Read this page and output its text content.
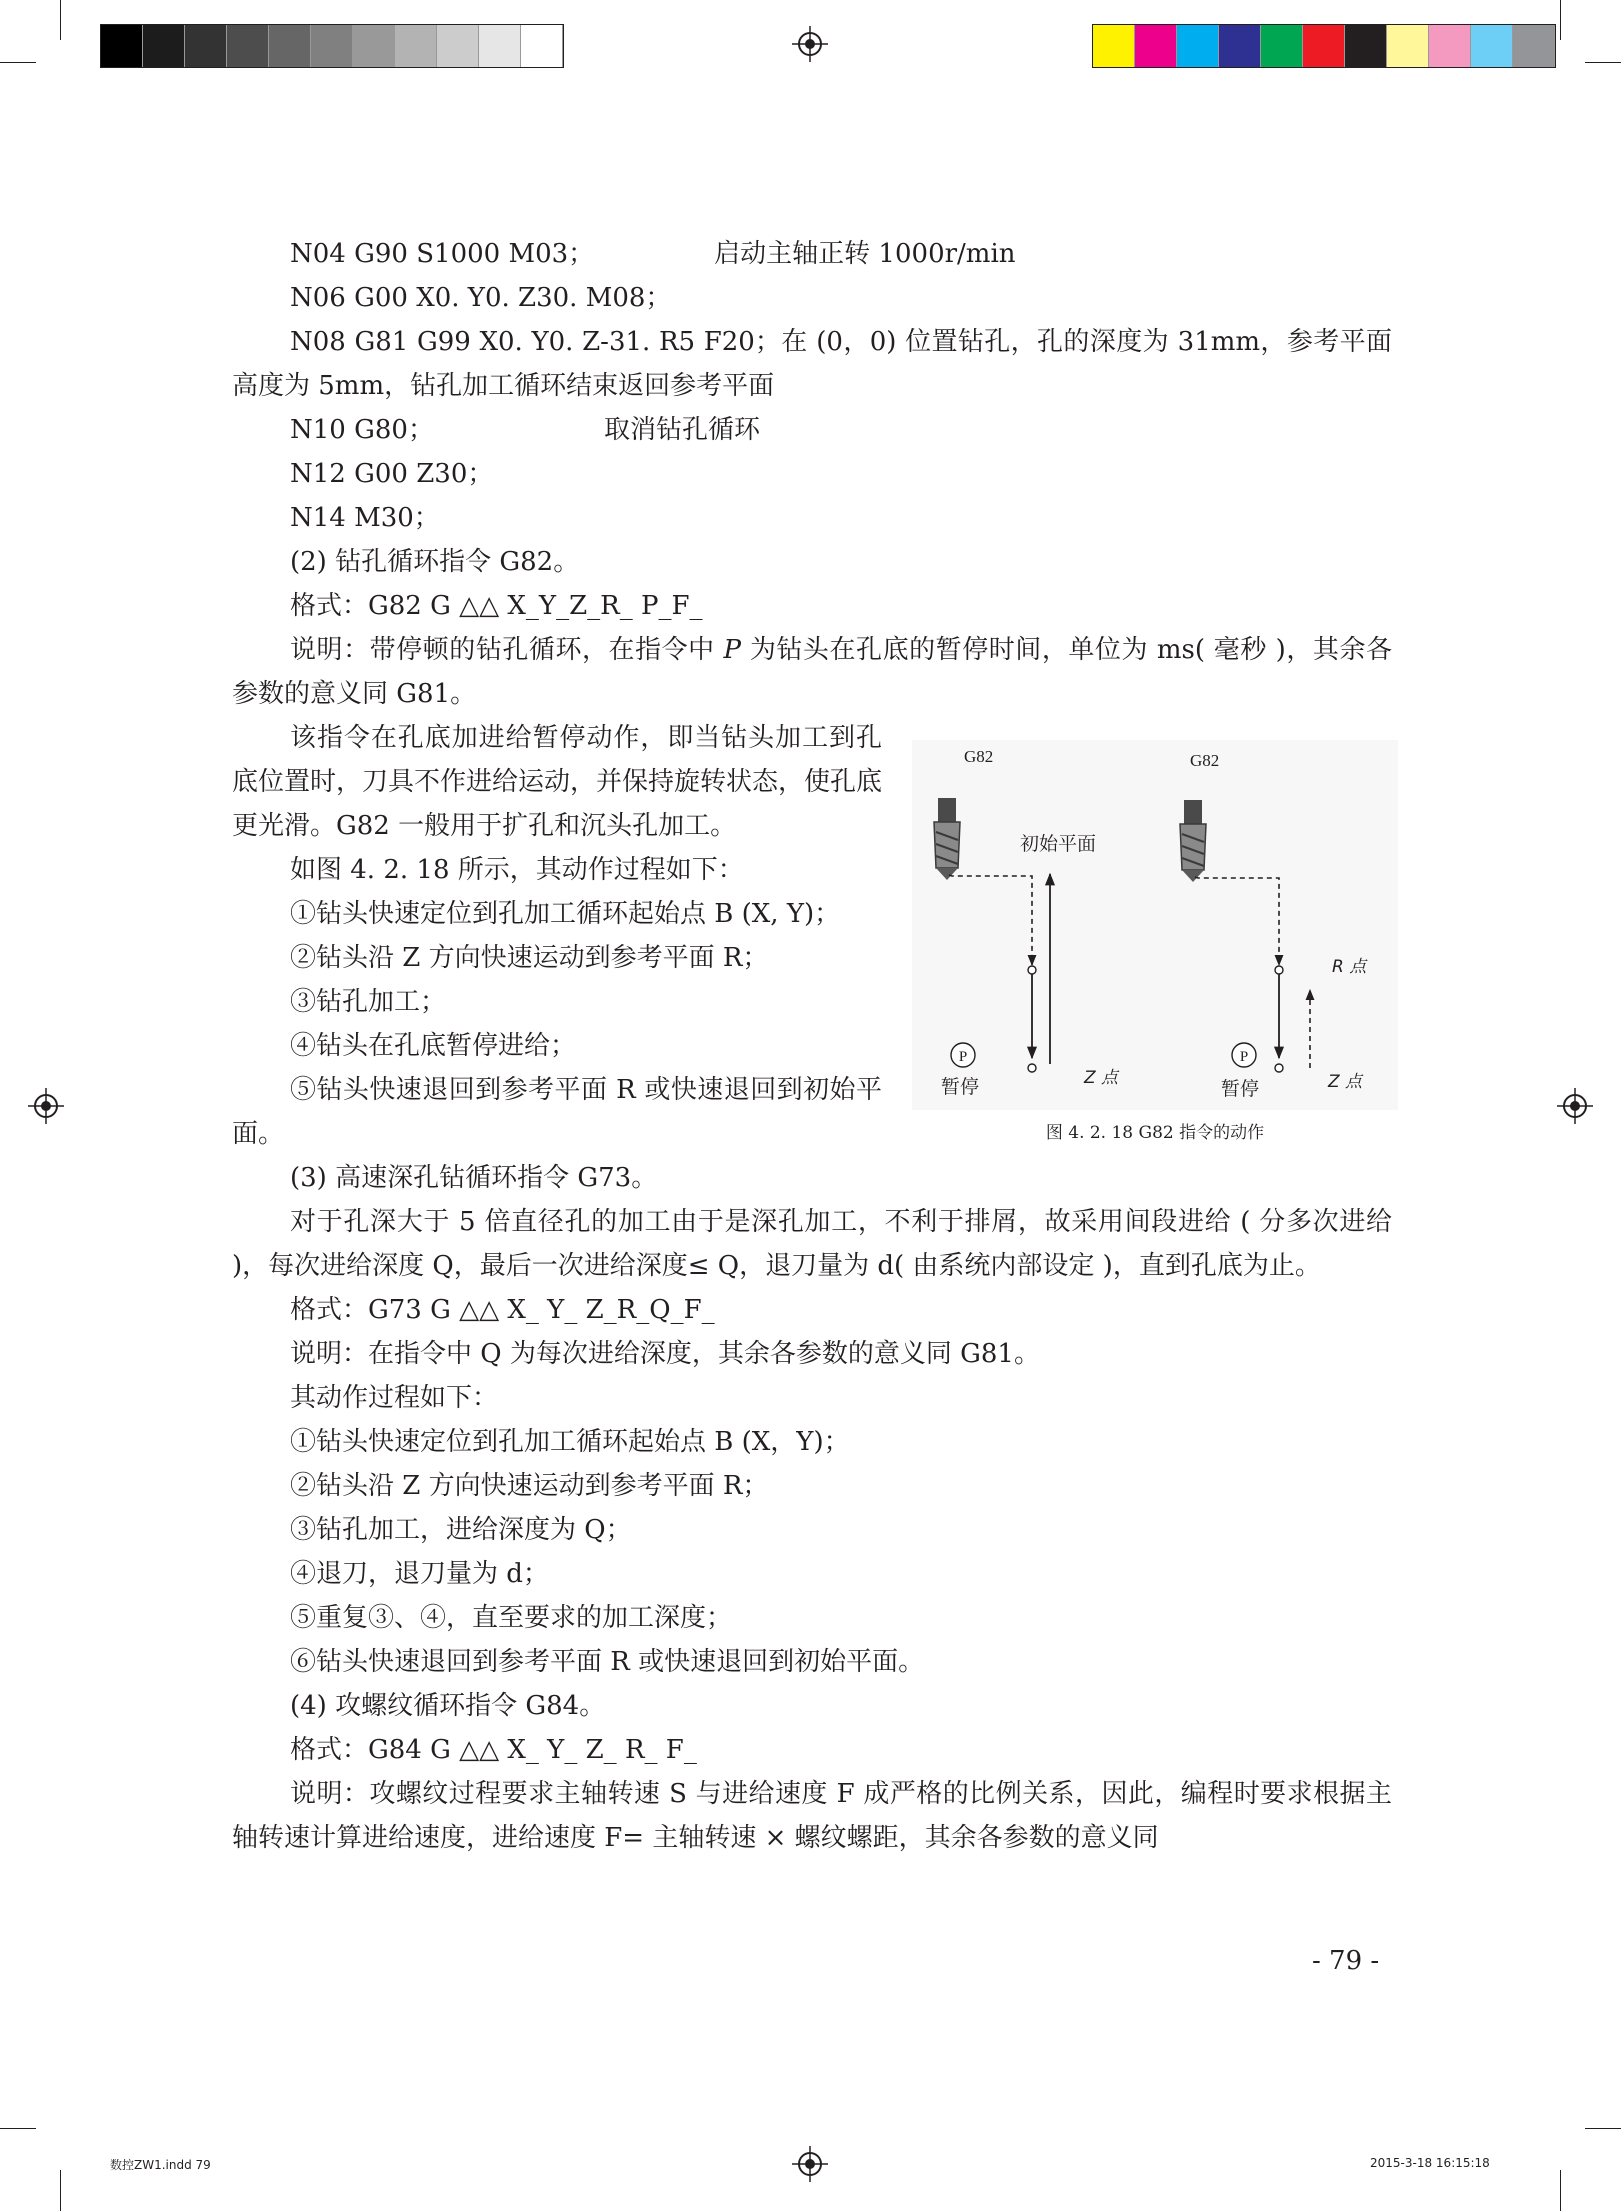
数控ZW1.indd 79	2015-3-18 16:15:18
N04 G90 S1000 M03；	启动主轴正转 1000r/min
N06 G00 X0. Y0. Z30. M08；
N08 G81 G99 X0. Y0. Z-31. R5 F20；在 (0，0) 位置钻孔，孔的深度为 31mm，参考平面高度为 5mm，钻孔加工循环结束返回参考平面
N10 G80；	取消钻孔循环
N12 G00 Z30；
N14 M30；
(2) 钻孔循环指令 G82。
格式：G82 G △△ X_Y_Z_R_ P_F_
说明：带停顿的钻孔循环，在指令中 P 为钻头在孔底的暂停时间，单位为 ms( 毫秒 )，其余各参数的意义同 G81。
该指令在孔底加进给暂停动作，即当钻头加工到孔底位置时，刀具不作进给运动，并保持旋转状态，使孔底更光滑。G82 一般用于扩孔和沉头孔加工。
如图 4. 2. 18 所示，其动作过程如下：
①钻头快速定位到孔加工循环起始点 B (X, Y)；
②钻头沿 Z 方向快速运动到参考平面 R；
③钻孔加工；
④钻头在孔底暂停进给；
⑤钻头快速退回到参考平面 R 或快速退回到初始平面。
G82	G82
初始平面
R 点
Z 点	Z 点
P	P
暂停	暂停
图 4. 2. 18 G82 指令的动作
(3) 高速深孔钻循环指令 G73。
对于孔深大于 5 倍直径孔的加工由于是深孔加工，不利于排屑，故采用间段进给 ( 分多次进给 )，每次进给深度 Q，最后一次进给深度≤ Q，退刀量为 d( 由系统内部设定 )，直到孔底为止。
格式：G73 G △△ X_ Y_ Z_R_Q_F_
说明：在指令中 Q 为每次进给深度，其余各参数的意义同 G81。
其动作过程如下：
①钻头快速定位到孔加工循环起始点 B (X，Y)；
②钻头沿 Z 方向快速运动到参考平面 R；
③钻孔加工，进给深度为 Q；
④退刀，退刀量为 d；
⑤重复③、④，直至要求的加工深度；
⑥钻头快速退回到参考平面 R 或快速退回到初始平面。
(4) 攻螺纹循环指令 G84。
格式：G84 G △△ X_ Y_ Z_ R_ F_
说明：攻螺纹过程要求主轴转速 S 与进给速度 F 成严格的比例关系，因此，编程时要求根据主轴转速计算进给速度，进给速度 F= 主轴转速 × 螺纹螺距，其余各参数的意义同
- 79 -
